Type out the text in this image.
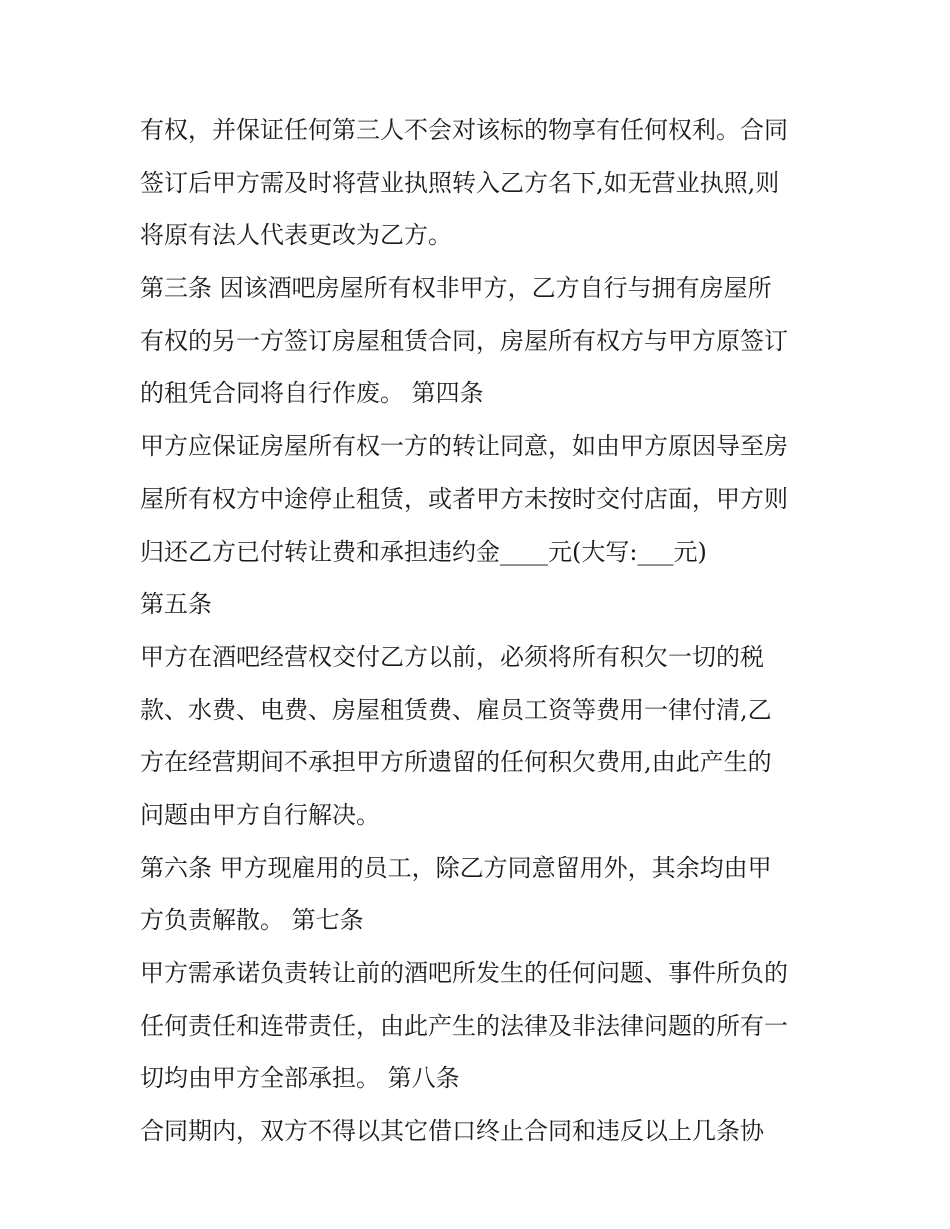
有权，并保证任何第三人不会对该标的物享有任何权利。合同
签订后甲方需及时将营业执照转入乙方名下,如无营业执照,则
将原有法人代表更改为乙方。
第三条 因该酒吧房屋所有权非甲方，乙方自行与拥有房屋所
有权的另一方签订房屋租赁合同，房屋所有权方与甲方原签订
的租凭合同将自行作废。 第四条
甲方应保证房屋所有权一方的转让同意，如由甲方原因导至房
屋所有权方中途停止租赁，或者甲方未按时交付店面，甲方则
归还乙方已付转让费和承担违约金____元(大写:___元)
第五条
甲方在酒吧经营权交付乙方以前，必须将所有积欠一切的税
款、水费、电费、房屋租赁费、雇员工资等费用一律付清,乙
方在经营期间不承担甲方所遗留的任何积欠费用,由此产生的
问题由甲方自行解决。
第六条 甲方现雇用的员工，除乙方同意留用外，其余均由甲
方负责解散。 第七条
甲方需承诺负责转让前的酒吧所发生的任何问题、事件所负的
任何责任和连带责任，由此产生的法律及非法律问题的所有一
切均由甲方全部承担。 第八条
合同期内，双方不得以其它借口终止合同和违反以上几条协
